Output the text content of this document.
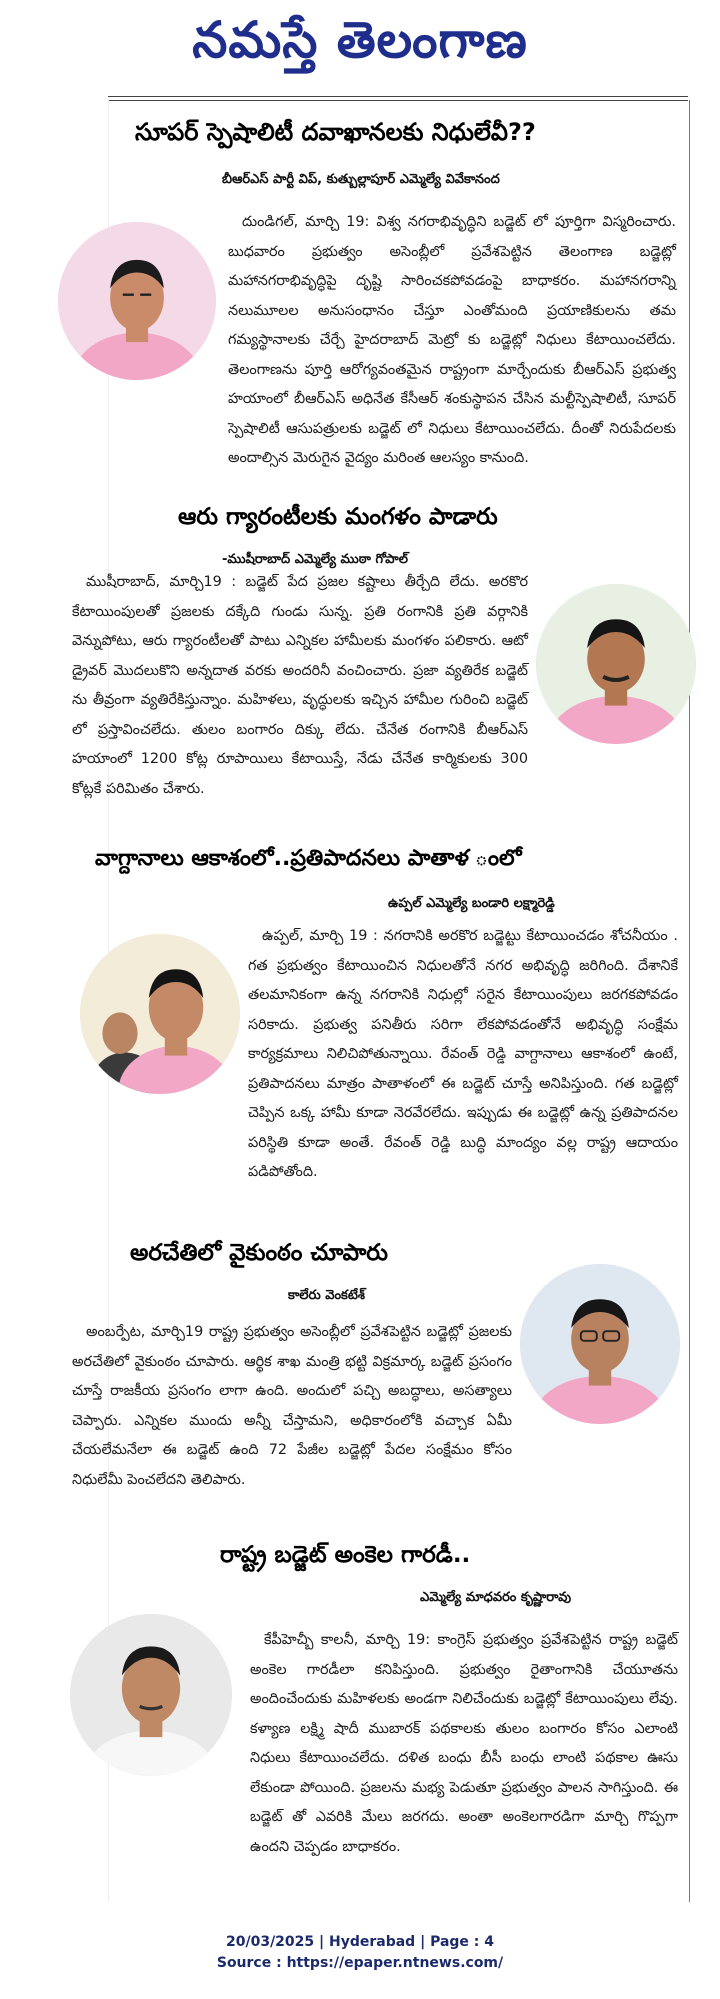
నమస్తే తెలంగాణ
సూపర్ స్పెషాలిటీ దవాఖానలకు నిధులేవీ??
బీఆర్ఎస్ పార్టీ విప్, కుత్బుల్లాపూర్ ఎమ్మెల్యే వివేకానంద

దుండిగల్, మార్చి 19: విశ్వ నగరాభివృద్ధిని బడ్జెట్ లో పూర్తిగా విస్మరించారు. బుధవారం ప్రభుత్వం అసెంబ్లీలో ప్రవేశపెట్టిన తెలంగాణ బడ్జెట్లో మహానగరాభివృద్ధిపై దృష్టి సారించకపోవడంపై బాధాకరం. మహానగరాన్ని నలుమూలల అనుసంధానం చేస్తూ ఎంతోమంది ప్రయాణికులను తమ గమ్యస్థానాలకు చేర్చే హైదరాబాద్ మెట్రో కు బడ్జెట్లో నిధులు కేటాయించలేదు. తెలంగాణను పూర్తి ఆరోగ్యవంతమైన రాష్ట్రంగా మార్చేందుకు బీఆర్ఎస్ ప్రభుత్వ హయాంలో బీఆర్ఎస్ అధినేత కేసీఆర్ శంకుస్థాపన చేసిన మల్టీస్పెషాలిటీ, సూపర్ స్పెషాలిటీ ఆసుపత్రులకు బడ్జెట్ లో నిధులు కేటాయించలేదు. దీంతో నిరుపేదలకు అందాల్సిన మెరుగైన వైద్యం మరింత ఆలస్యం కానుంది.

ఆరు గ్యారంటీలకు మంగళం పాడారు
-ముషీరాబాద్ ఎమ్మెల్యే ముఠా గోపాల్

ముషీరాబాద్, మార్చి19 : బడ్జెట్ పేద ప్రజల కష్టాలు తీర్చేది లేదు. అరకొర కేటాయింపులతో ప్రజలకు దక్కేది గుండు సున్న. ప్రతి రంగానికి ప్రతి వర్గానికి వెన్నుపోటు, ఆరు గ్యారంటీలతో పాటు ఎన్నికల హామీలకు మంగళం పలికారు. ఆటో డ్రైవర్ మొదలుకొని అన్నదాత వరకు అందరినీ వంచించారు. ప్రజా వ్యతిరేక బడ్జెట్ ను తీవ్రంగా వ్యతిరేకిస్తున్నాం. మహిళలు, వృద్ధులకు ఇచ్చిన హామీల గురించి బడ్జెట్ లో ప్రస్తావించలేదు. తులం బంగారం దిక్కు లేదు. చేనేత రంగానికి బీఆర్ఎస్ హయాంలో 1200 కోట్ల రూపాయిలు కేటాయిస్తే, నేడు చేనేత కార్మికులకు 300 కోట్లకే పరిమితం చేశారు.

వాగ్దానాలు ఆకాశంలో..ప్రతిపాదనలు పాతాళ ంలో
ఉప్పల్ ఎమ్మెల్యే బండారి లక్ష్మారెడ్డి

ఉప్పల్, మార్చి 19 : నగరానికి అరకొర బడ్జెట్టు కేటాయించడం శోచనీయం . గత ప్రభుత్వం కేటాయించిన నిధులతోనే నగర అభివృద్ధి జరిగింది. దేశానికే తలమానికంగా ఉన్న నగరానికి నిధుల్లో సరైన కేటాయింపులు జరగకపోవడం సరికాదు. ప్రభుత్వ పనితీరు సరిగా లేకపోవడంతోనే అభివృద్ధి సంక్షేమ కార్యక్రమాలు నిలిచిపోతున్నాయి. రేవంత్ రెడ్డి వాగ్దానాలు ఆకాశంలో ఉంటే, ప్రతిపాదనలు మాత్రం పాతాళంలో ఈ బడ్జెట్ చూస్తే అనిపిస్తుంది. గత బడ్జెట్లో చెప్పిన ఒక్క హామీ కూడా నెరవేరలేదు. ఇప్పుడు ఈ బడ్జెట్లో ఉన్న ప్రతిపాదనల పరిస్థితి కూడా అంతే. రేవంత్ రెడ్డి బుద్ధి మాంద్యం వల్ల రాష్ట్ర ఆదాయం పడిపోతోంది.

అరచేతిలో వైకుంఠం చూపారు
కాలేరు వెంకటేశ్

అంబర్పేట, మార్చి19 రాష్ట్ర ప్రభుత్వం అసెంబ్లీలో ప్రవేశపెట్టిన బడ్జెట్లో ప్రజలకు అరచేతిలో వైకుంఠం చూపారు. ఆర్థిక శాఖ మంత్రి భట్టి విక్రమార్క బడ్జెట్ ప్రసంగం చూస్తే రాజకీయ ప్రసంగం లాగా ఉంది. అందులో పచ్చి అబద్ధాలు, అసత్యాలు చెప్పారు. ఎన్నికల ముందు అన్నీ చేస్తామని, అధికారంలోకి వచ్చాక ఏమీ చేయలేమనేలా ఈ బడ్జెట్ ఉంది 72 పేజీల బడ్జెట్లో పేదల సంక్షేమం కోసం నిధులేమీ పెంచలేదని తెలిపారు.

రాష్ట్ర బడ్జెట్ అంకెల గారడీ..
ఎమ్మెల్యే మాధవరం కృష్ణారావు

కేపీహెచ్బీ కాలనీ, మార్చి 19: కాంగ్రెస్ ప్రభుత్వం ప్రవేశపెట్టిన రాష్ట్ర బడ్జెట్ అంకెల గారడీలా కనిపిస్తుంది. ప్రభుత్వం రైతాంగానికి చేయూతను అందించేందుకు మహిళలకు అండగా నిలిచేందుకు బడ్జెట్లో కేటాయింపులు లేవు. కళ్యాణ లక్ష్మి షాదీ ముబారక్ పథకాలకు తులం బంగారం కోసం ఎలాంటి నిధులు కేటాయించలేదు. దళిత బంధు బీసీ బంధు లాంటి పథకాల ఊసు లేకుండా పోయింది. ప్రజలను మభ్య పెడుతూ ప్రభుత్వం పాలన సాగిస్తుంది. ఈ బడ్జెట్ తో ఎవరికి మేలు జరగదు. అంతా అంకెలగారడిగా మార్చి గొప్పగా ఉందని చెప్పడం బాధాకరం.

20/03/2025 | Hyderabad | Page : 4
Source : https://epaper.ntnews.com/
